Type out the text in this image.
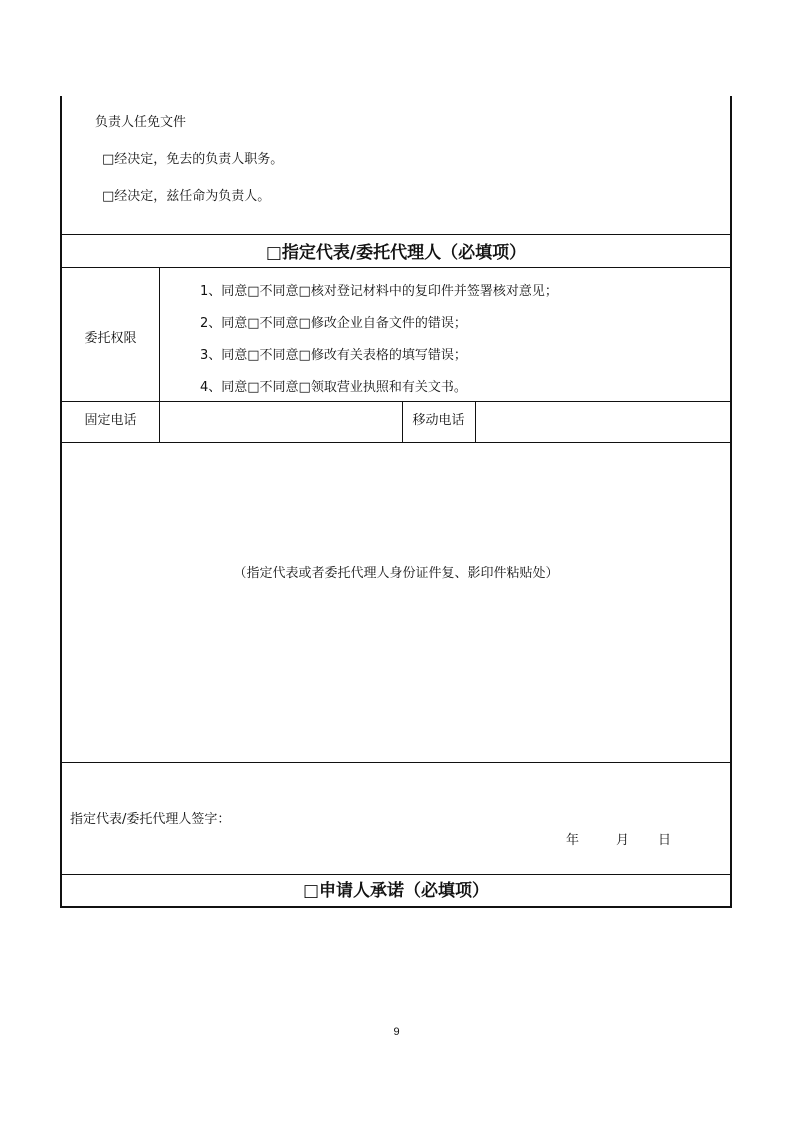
负责人任免文件
□经决定，免去的负责人职务。
□经决定，兹任命为负责人。
□指定代表/委托代理人（必填项）
委托权限
1、同意□不同意□核对登记材料中的复印件并签署核对意见；
2、同意□不同意□修改企业自备文件的错误；
3、同意□不同意□修改有关表格的填写错误；
4、同意□不同意□领取营业执照和有关文书。
固定电话	移动电话
（指定代表或者委托代理人身份证件复、影印件粘贴处）
指定代表/委托代理人签字：
年	月 日
□申请人承诺（必填项）
9
